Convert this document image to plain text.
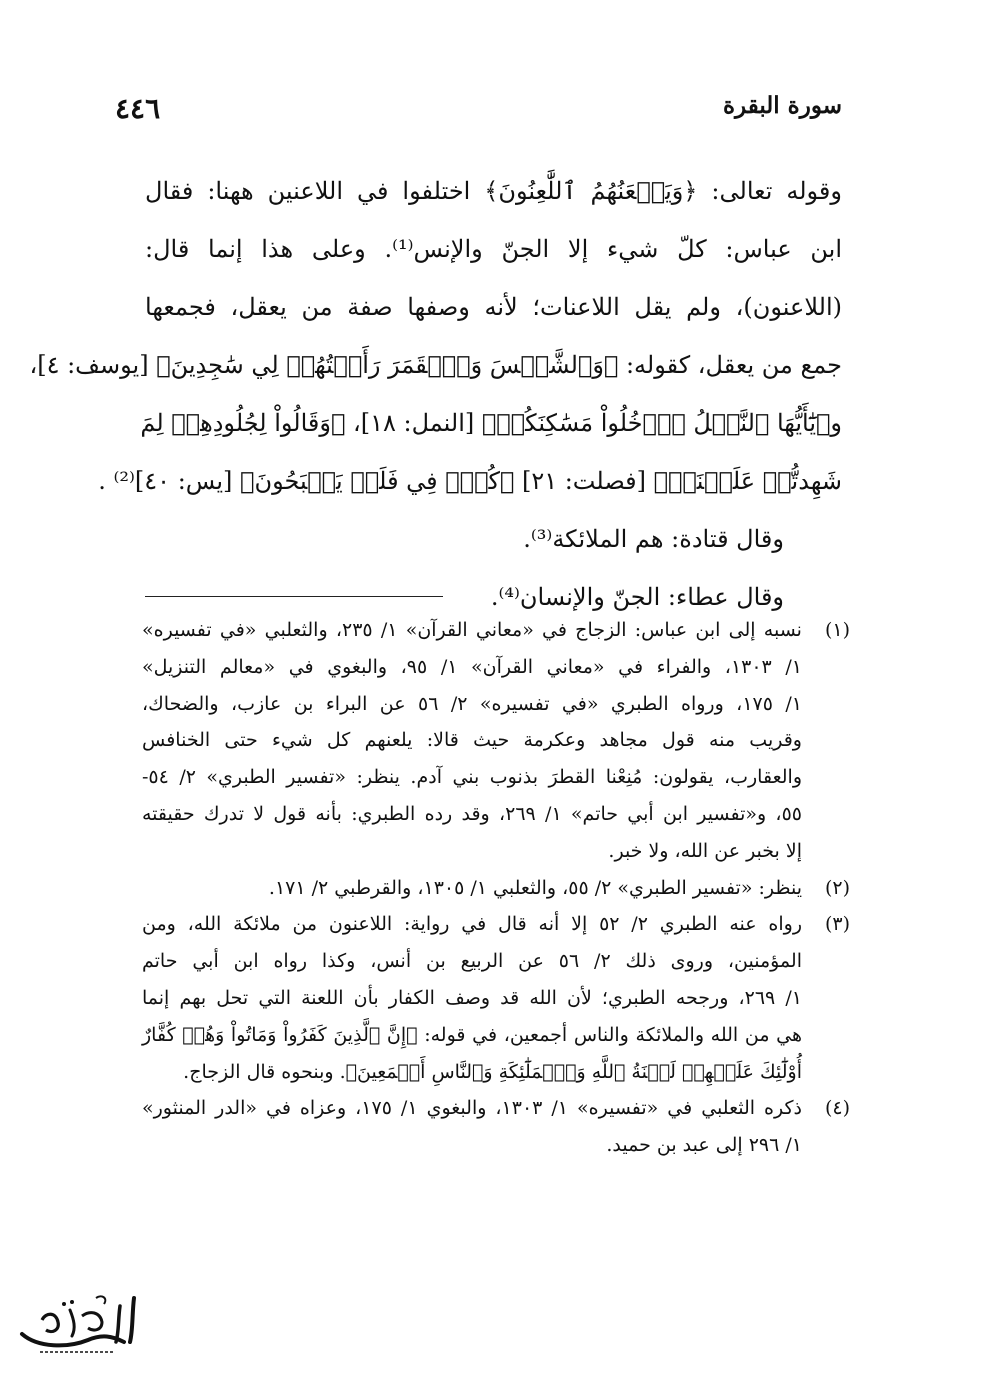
سورة البقرة
٤٤٦
وقوله تعالى: ﴿وَيَلۡعَنُهُمُ ٱللَّٰعِنُونَ﴾ اختلفوا في اللاعنين ههنا: فقال
ابن عباس: كلّ شيء إلا الجنّ والإنس⁽¹⁾. وعلى هذا إنما قال:
(اللاعنون)، ولم يقل اللاعنات؛ لأنه وصفها صفة من يعقل، فجمعها
جمع من يعقل، كقوله: ﴿وَٱلشَّمۡسَ وَٱلۡقَمَرَ رَأَيۡتُهُمۡ لِي سَٰجِدِينَ﴾ [يوسف: ٤]،
و﴿يَٰٓأَيُّهَا ٱلنَّمۡلُ ٱدۡخُلُواْ مَسَٰكِنَكُمۡ﴾ [النمل: ١٨]، ﴿وَقَالُواْ لِجُلُودِهِمۡ لِمَ
شَهِدتُّمۡ عَلَيۡنَاۖ﴾ [فصلت: ٢١] ﴿كُلّٞ فِي فَلَكٖ يَسۡبَحُونَ﴾ [يس: ٤٠]⁽²⁾ .
وقال قتادة: هم الملائكة⁽³⁾.
وقال عطاء: الجنّ والإنسان⁽⁴⁾.
(١)
نسبه إلى ابن عباس: الزجاج في «معاني القرآن» ١/ ٢٣٥، والثعلبي «في تفسيره»
١/ ١٣٠٣، والفراء في «معاني القرآن» ١/ ٩٥، والبغوي في «معالم التنزيل»
١/ ١٧٥، ورواه الطبري «في تفسيره» ٢/ ٥٦ عن البراء بن عازب، والضحاك،
وقريب منه قول مجاهد وعكرمة حيث قالا: يلعنهم كل شيء حتى الخنافس
والعقارب، يقولون: مُنِعْنا القطرَ بذنوب بني آدم. ينظر: «تفسير الطبري» ٢/ ٥٤-
٥٥، و«تفسير ابن أبي حاتم» ١/ ٢٦٩، وقد رده الطبري: بأنه قول لا تدرك حقيقته
إلا بخبر عن الله، ولا خبر.
(٢)
ينظر: «تفسير الطبري» ٢/ ٥٥، والثعلبي ١/ ١٣٠٥، والقرطبي ٢/ ١٧١.
(٣)
رواه عنه الطبري ٢/ ٥٢ إلا أنه قال في رواية: اللاعنون من ملائكة الله، ومن
المؤمنين، وروى ذلك ٢/ ٥٦ عن الربيع بن أنس، وكذا رواه ابن أبي حاتم
١/ ٢٦٩، ورجحه الطبري؛ لأن الله قد وصف الكفار بأن اللعنة التي تحل بهم إنما
هي من الله والملائكة والناس أجمعين، في قوله: ﴿إِنَّ ٱلَّذِينَ كَفَرُواْ وَمَاتُواْ وَهُمۡ كُفَّارٌ
أُوْلَٰٓئِكَ عَلَيۡهِمۡ لَعۡنَةُ ٱللَّهِ وَٱلۡمَلَٰٓئِكَةِ وَٱلنَّاسِ أَجۡمَعِينَ﴾. وبنحوه قال الزجاج.
(٤)
ذكره الثعلبي في «تفسيره» ١/ ١٣٠٣، والبغوي ١/ ١٧٥، وعزاه في «الدر المنثور»
١/ ٢٩٦ إلى عبد بن حميد.
